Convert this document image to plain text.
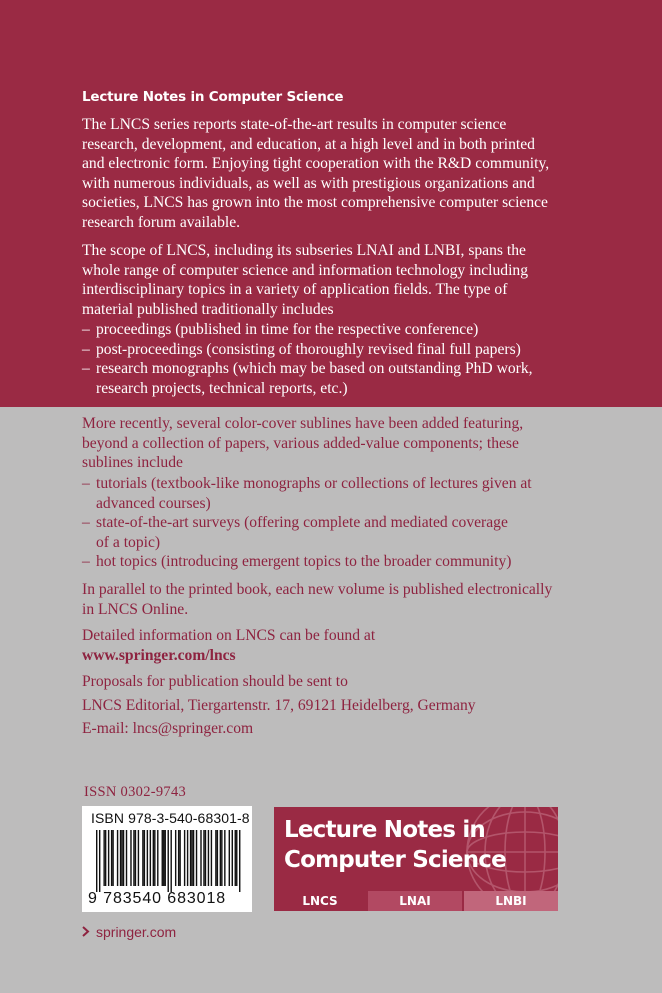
Lecture Notes in Computer Science

The LNCS series reports state-of-the-art results in computer science
research, development, and education, at a high level and in both printed
and electronic form. Enjoying tight cooperation with the R&D community,
with numerous individuals, as well as with prestigious organizations and
societies, LNCS has grown into the most comprehensive computer science
research forum available.

The scope of LNCS, including its subseries LNAI and LNBI, spans the
whole range of computer science and information technology including
interdisciplinary topics in a variety of application fields. The type of
material published traditionally includes

– proceedings (published in time for the respective conference)
– post-proceedings (consisting of thoroughly revised final full papers)
– research monographs (which may be based on outstanding PhD work,
research projects, technical reports, etc.)

More recently, several color-cover sublines have been added featuring,
beyond a collection of papers, various added-value components; these
sublines include

– tutorials (textbook-like monographs or collections of lectures given at
advanced courses)
– state-of-the-art surveys (offering complete and mediated coverage
of a topic)
– hot topics (introducing emergent topics to the broader community)

In parallel to the printed book, each new volume is published electronically
in LNCS Online.

Detailed information on LNCS can be found at
www.springer.com/lncs

Proposals for publication should be sent to
LNCS Editorial, Tiergartenstr. 17, 69121 Heidelberg, Germany
E-mail: lncs@springer.com

ISSN 0302-9743
ISBN 978-3-540-68301-8
9 783540 683018
Lecture Notes in
Computer Science
LNCS	LNAI	LNBI
springer.com
